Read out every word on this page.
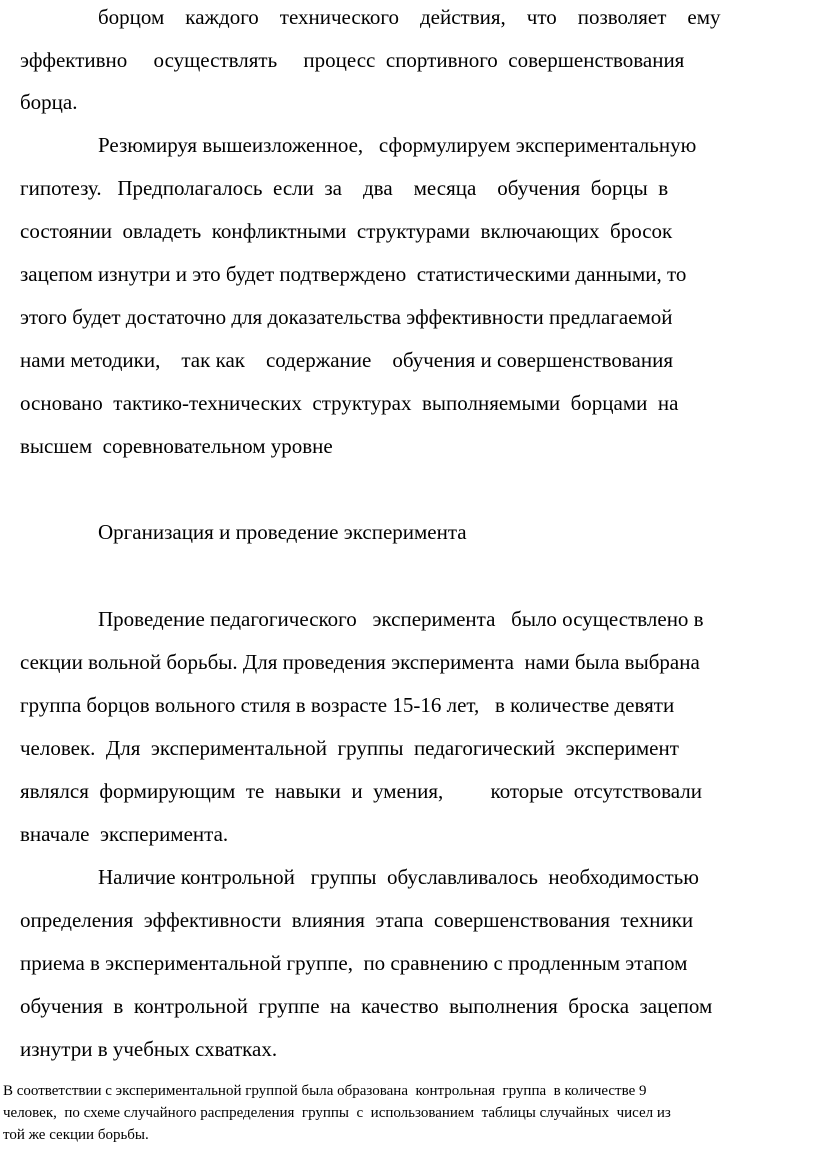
борцом    каждого    технического    действия,    что    позволяет    ему
эффективно     осуществлять     процесс  спортивного  совершенствования
борца.
Резюмируя вышеизложенное,   сформулируем экспериментальную
гипотезу.   Предполагалось  если  за    два    месяца    обучения  борцы  в
состоянии  овладеть  конфликтными  структурами  включающих  бросок
зацепом изнутри и это будет подтверждено  статистическими данными, то
этого будет достаточно для доказательства эффективности предлагаемой
нами методики,    так как    содержание    обучения и совершенствования
основано  тактико-технических  структурах  выполняемыми  борцами  на
высшем  соревновательном уровне
Организация и проведение эксперимента
Проведение педагогического   эксперимента   было осуществлено в
секции вольной борьбы. Для проведения эксперимента  нами была выбрана
группа борцов вольного стиля в возрасте 15-16 лет,   в количестве девяти
человек.  Для  экспериментальной  группы  педагогический  эксперимент
являлся  формирующим  те  навыки  и  умения,         которые  отсутствовали
вначале  эксперимента.
Наличие контрольной   группы  обуславливалось  необходимостью
определения  эффективности  влияния  этапа  совершенствования  техники
приема в экспериментальной группе,  по сравнению с продленным этапом
обучения  в  контрольной  группе  на  качество  выполнения  броска  зацепом
изнутри в учебных схватках.
В соответствии с экспериментальной группой была образована  контрольная  группа  в количестве 9
человек,  по схеме случайного распределения  группы  с  использованием  таблицы случайных  чисел из
той же секции борьбы.
